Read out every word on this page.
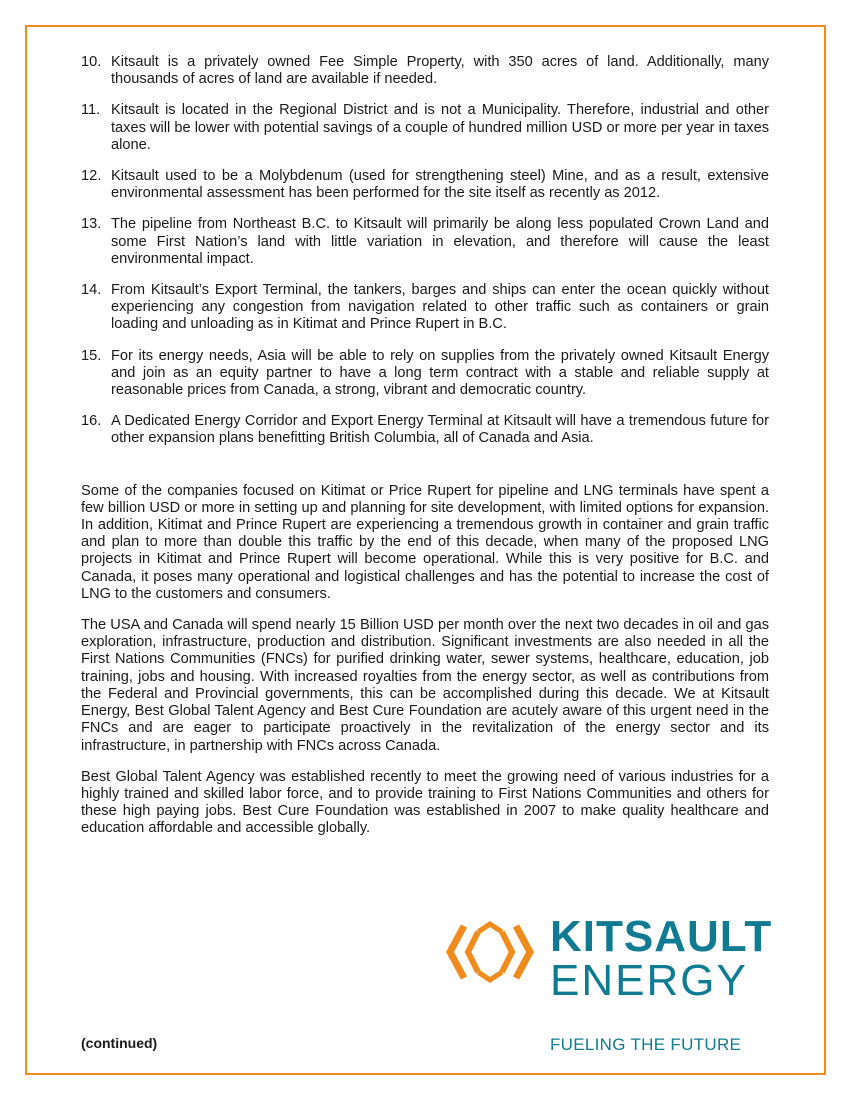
10. Kitsault is a privately owned Fee Simple Property, with 350 acres of land. Additionally, many thousands of acres of land are available if needed.
11. Kitsault is located in the Regional District and is not a Municipality. Therefore, industrial and other taxes will be lower with potential savings of a couple of hundred million USD or more per year in taxes alone.
12. Kitsault used to be a Molybdenum (used for strengthening steel) Mine, and as a result, extensive environmental assessment has been performed for the site itself as recently as 2012.
13. The pipeline from Northeast B.C. to Kitsault will primarily be along less populated Crown Land and some First Nation’s land with little variation in elevation, and therefore will cause the least environmental impact.
14. From Kitsault’s Export Terminal, the tankers, barges and ships can enter the ocean quickly without experiencing any congestion from navigation related to other traffic such as containers or grain loading and unloading as in Kitimat and Prince Rupert in B.C.
15. For its energy needs, Asia will be able to rely on supplies from the privately owned Kitsault Energy and join as an equity partner to have a long term contract with a stable and reliable supply at reasonable prices from Canada, a strong, vibrant and democratic country.
16. A Dedicated Energy Corridor and Export Energy Terminal at Kitsault will have a tremendous future for other expansion plans benefitting British Columbia, all of Canada and Asia.

Some of the companies focused on Kitimat or Price Rupert for pipeline and LNG terminals have spent a few billion USD or more in setting up and planning for site development, with limited options for expansion. In addition, Kitimat and Prince Rupert are experiencing a tremendous growth in container and grain traffic and plan to more than double this traffic by the end of this decade, when many of the proposed LNG projects in Kitimat and Prince Rupert will become operational. While this is very positive for B.C. and Canada, it poses many operational and logistical challenges and has the potential to increase the cost of LNG to the customers and consumers.

The USA and Canada will spend nearly 15 Billion USD per month over the next two decades in oil and gas exploration, infrastructure, production and distribution. Significant investments are also needed in all the First Nations Communities (FNCs) for purified drinking water, sewer systems, healthcare, education, job training, jobs and housing. With increased royalties from the energy sector, as well as contributions from the Federal and Provincial governments, this can be accomplished during this decade. We at Kitsault Energy, Best Global Talent Agency and Best Cure Foundation are acutely aware of this urgent need in the FNCs and are eager to participate proactively in the revitalization of the energy sector and its infrastructure, in partnership with FNCs across Canada.

Best Global Talent Agency was established recently to meet the growing need of various industries for a highly trained and skilled labor force, and to provide training to First Nations Communities and others for these high paying jobs. Best Cure Foundation was established in 2007 to make quality healthcare and education affordable and accessible globally.

(continued)
KITSAULT
ENERGY
FUELING THE FUTURE
